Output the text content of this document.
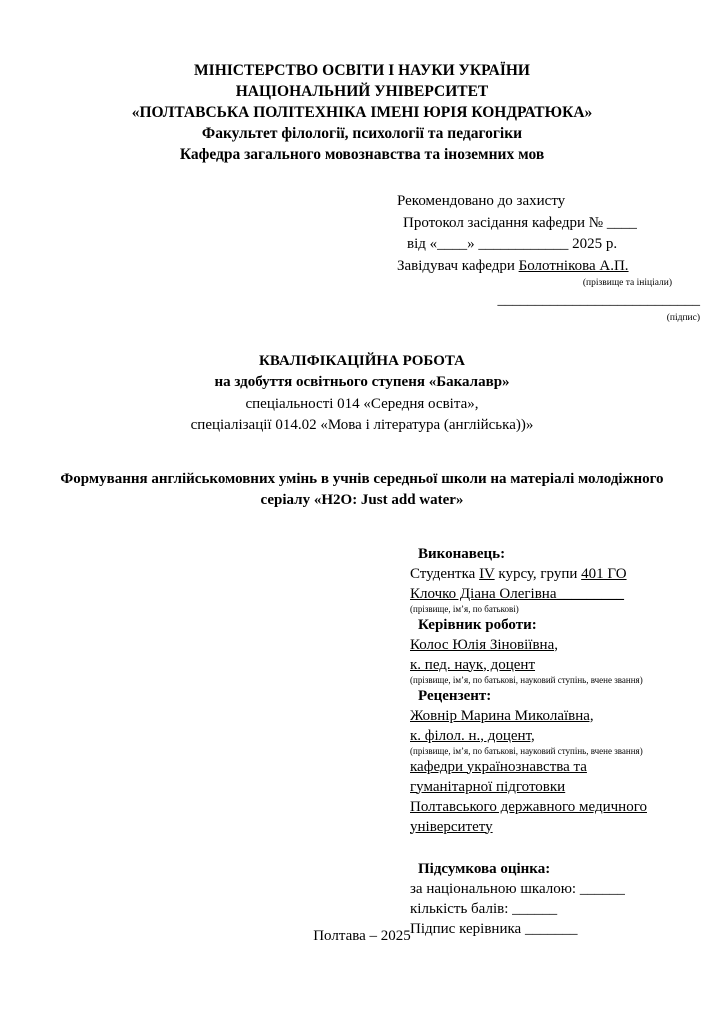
МІНІСТЕРСТВО ОСВІТИ І НАУКИ УКРАЇНИ
НАЦІОНАЛЬНИЙ УНІВЕРСИТЕТ
«ПОЛТАВСЬКА ПОЛІТЕХНІКА ІМЕНІ ЮРІЯ КОНДРАТЮКА»
Факультет філології, психології та педагогіки
Кафедра загального мовознавства та іноземних мов
Рекомендовано до захисту
Протокол засідання кафедри № ____
від «____» ____________ 2025 р.
Завідувач кафедри Болотнікова А.П.
(прізвище та ініціали)
___________________________
(підпис)
КВАЛІФІКАЦІЙНА РОБОТА
на здобуття освітнього ступеня «Бакалавр»
спеціальності 014 «Середня освіта»,
спеціалізації 014.02 «Мова і література (англійська))»
Формування англійськомовних умінь в учнів середньої школи на матеріалі молодіжного серіалу «H2O: Just add water»
Виконавець:
Студентка IV курсу, групи 401 ГО
Клочко Діана Олегівна_________
(прізвище, ім’я, по батькові)
Керівник роботи:
Колос Юлія Зіновіївна,
к. пед. наук, доцент
(прізвище, ім’я, по батькові, науковий ступінь, вчене звання)
Рецензент:
Жовнір Марина Миколаївна,
к. філол. н., доцент,
(прізвище, ім’я, по батькові, науковий ступінь, вчене звання)
кафедри українознавства та
гуманітарної підготовки
Полтавського державного медичного
університету
Підсумкова оцінка:
за національною шкалою: ______
кількість балів: ______
Підпис керівника _______
Полтава – 2025
